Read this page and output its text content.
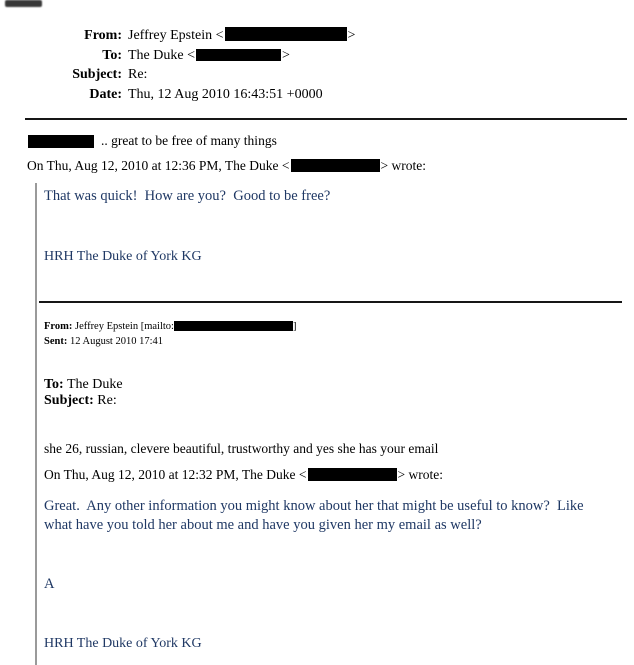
From: Jeffrey Epstein <	>
To: The Duke <	>
Subject: Re:
Date: Thu, 12 Aug 2010 16:43:51 +0000
.. great to be free of many things
On Thu, Aug 12, 2010 at 12:36 PM, The Duke <	> wrote:
That was quick!  How are you?  Good to be free?
HRH The Duke of York KG
From: Jeffrey Epstein [mailto:	]
Sent: 12 August 2010 17:41
To: The Duke
Subject: Re:
she 26, russian, clevere beautiful, trustworthy and yes she has your email
On Thu, Aug 12, 2010 at 12:32 PM, The Duke <	> wrote:
Great.  Any other information you might know about her that might be useful to know?  Like
what have you told her about me and have you given her my email as well?
A
HRH The Duke of York KG
